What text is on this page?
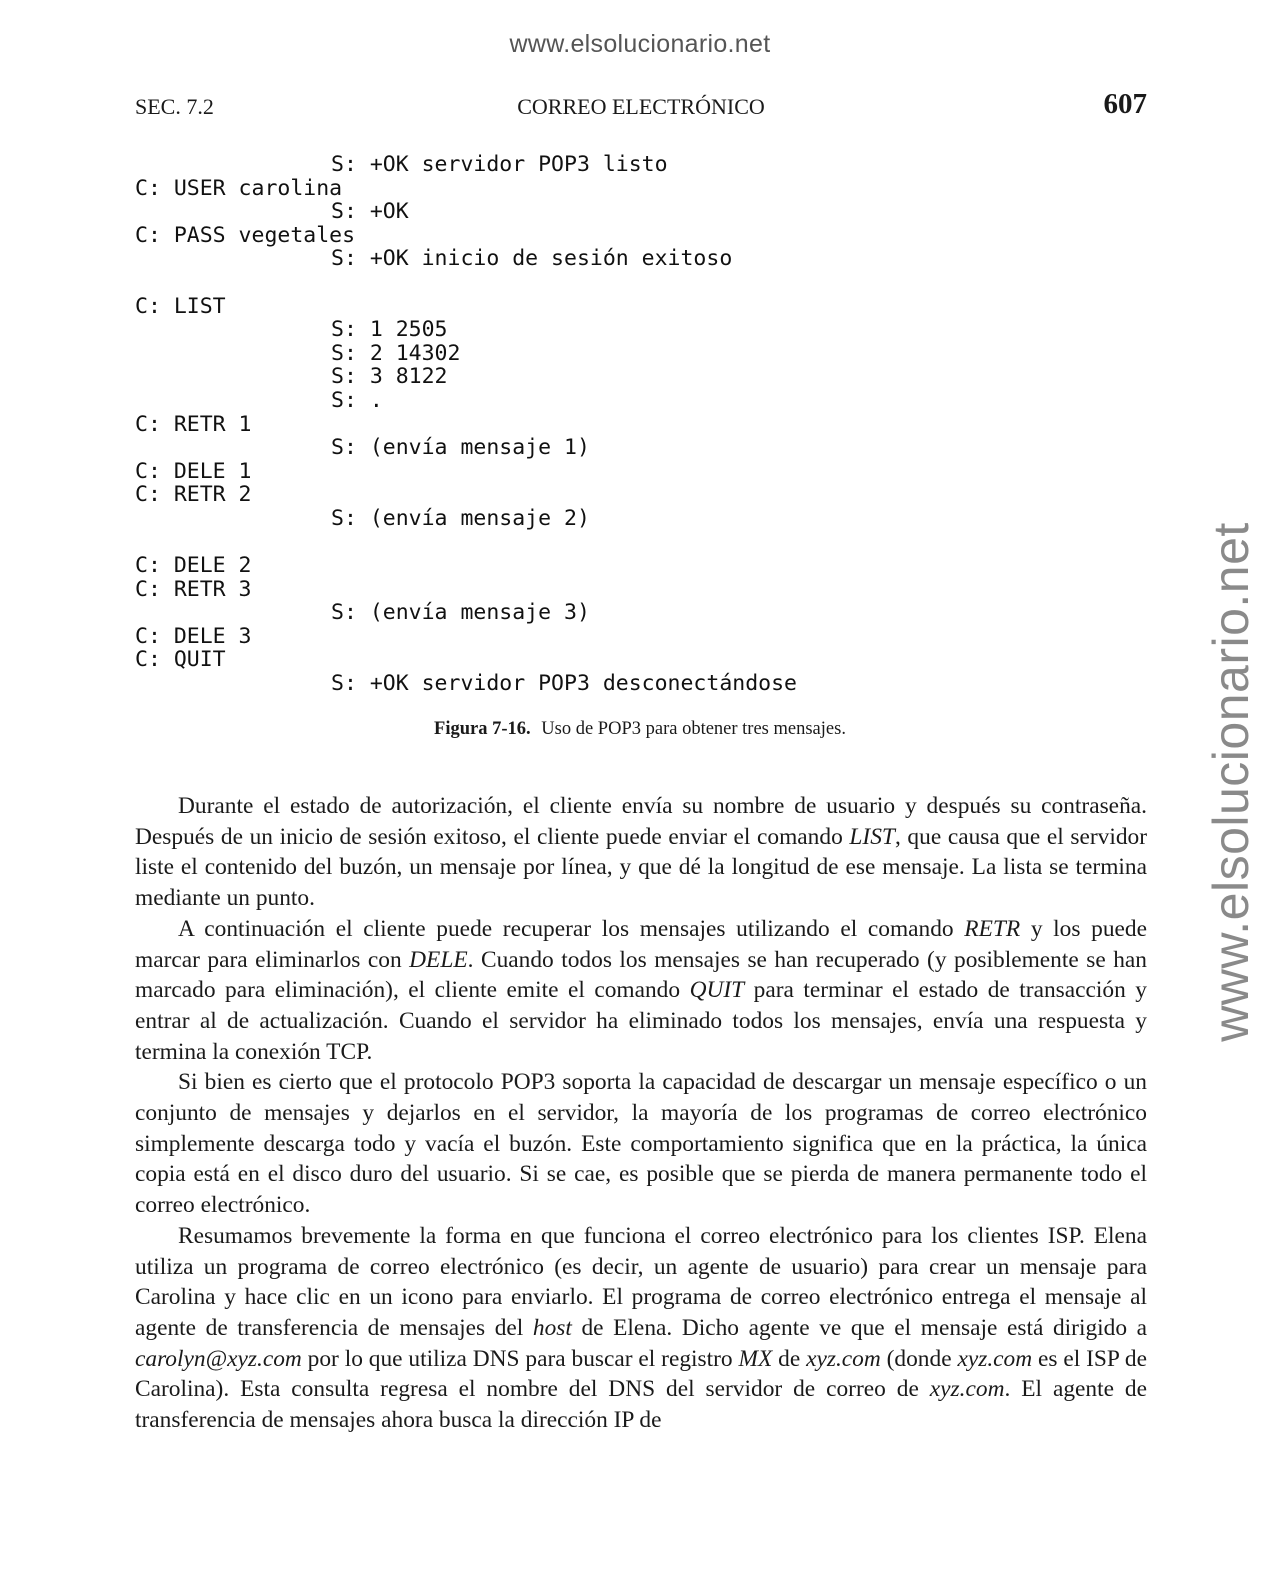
www.elsolucionario.net
www.elsolucionario.net
SEC. 7.2	CORREO ELECTRÓNICO	607
S: +OK servidor POP3 listo
C: USER carolina
S: +OK
C: PASS vegetales
S: +OK inicio de sesión exitoso
C: LIST
S: 1 2505
S: 2 14302
S: 3 8122
S: .
C: RETR 1
S: (envía mensaje 1)
C: DELE 1
C: RETR 2
S: (envía mensaje 2)
C: DELE 2
C: RETR 3
S: (envía mensaje 3)
C: DELE 3
C: QUIT
S: +OK servidor POP3 desconectándose
Figura 7-16. Uso de POP3 para obtener tres mensajes.

Durante el estado de autorización, el cliente envía su nombre de usuario y después su contraseña. Después de un inicio de sesión exitoso, el cliente puede enviar el comando LIST, que causa que el servidor liste el contenido del buzón, un mensaje por línea, y que dé la longitud de ese mensaje. La lista se termina mediante un punto.

A continuación el cliente puede recuperar los mensajes utilizando el comando RETR y los puede marcar para eliminarlos con DELE. Cuando todos los mensajes se han recuperado (y posiblemente se han marcado para eliminación), el cliente emite el comando QUIT para terminar el estado de transacción y entrar al de actualización. Cuando el servidor ha eliminado todos los mensajes, envía una respuesta y termina la conexión TCP.

Si bien es cierto que el protocolo POP3 soporta la capacidad de descargar un mensaje específico o un conjunto de mensajes y dejarlos en el servidor, la mayoría de los programas de correo electrónico simplemente descarga todo y vacía el buzón. Este comportamiento significa que en la práctica, la única copia está en el disco duro del usuario. Si se cae, es posible que se pierda de manera permanente todo el correo electrónico.

Resumamos brevemente la forma en que funciona el correo electrónico para los clientes ISP. Elena utiliza un programa de correo electrónico (es decir, un agente de usuario) para crear un mensaje para Carolina y hace clic en un icono para enviarlo. El programa de correo electrónico entrega el mensaje al agente de transferencia de mensajes del host de Elena. Dicho agente ve que el mensaje está dirigido a carolyn@xyz.com por lo que utiliza DNS para buscar el registro MX de xyz.com (donde xyz.com es el ISP de Carolina). Esta consulta regresa el nombre del DNS del servidor de correo de xyz.com. El agente de transferencia de mensajes ahora busca la dirección IP de
